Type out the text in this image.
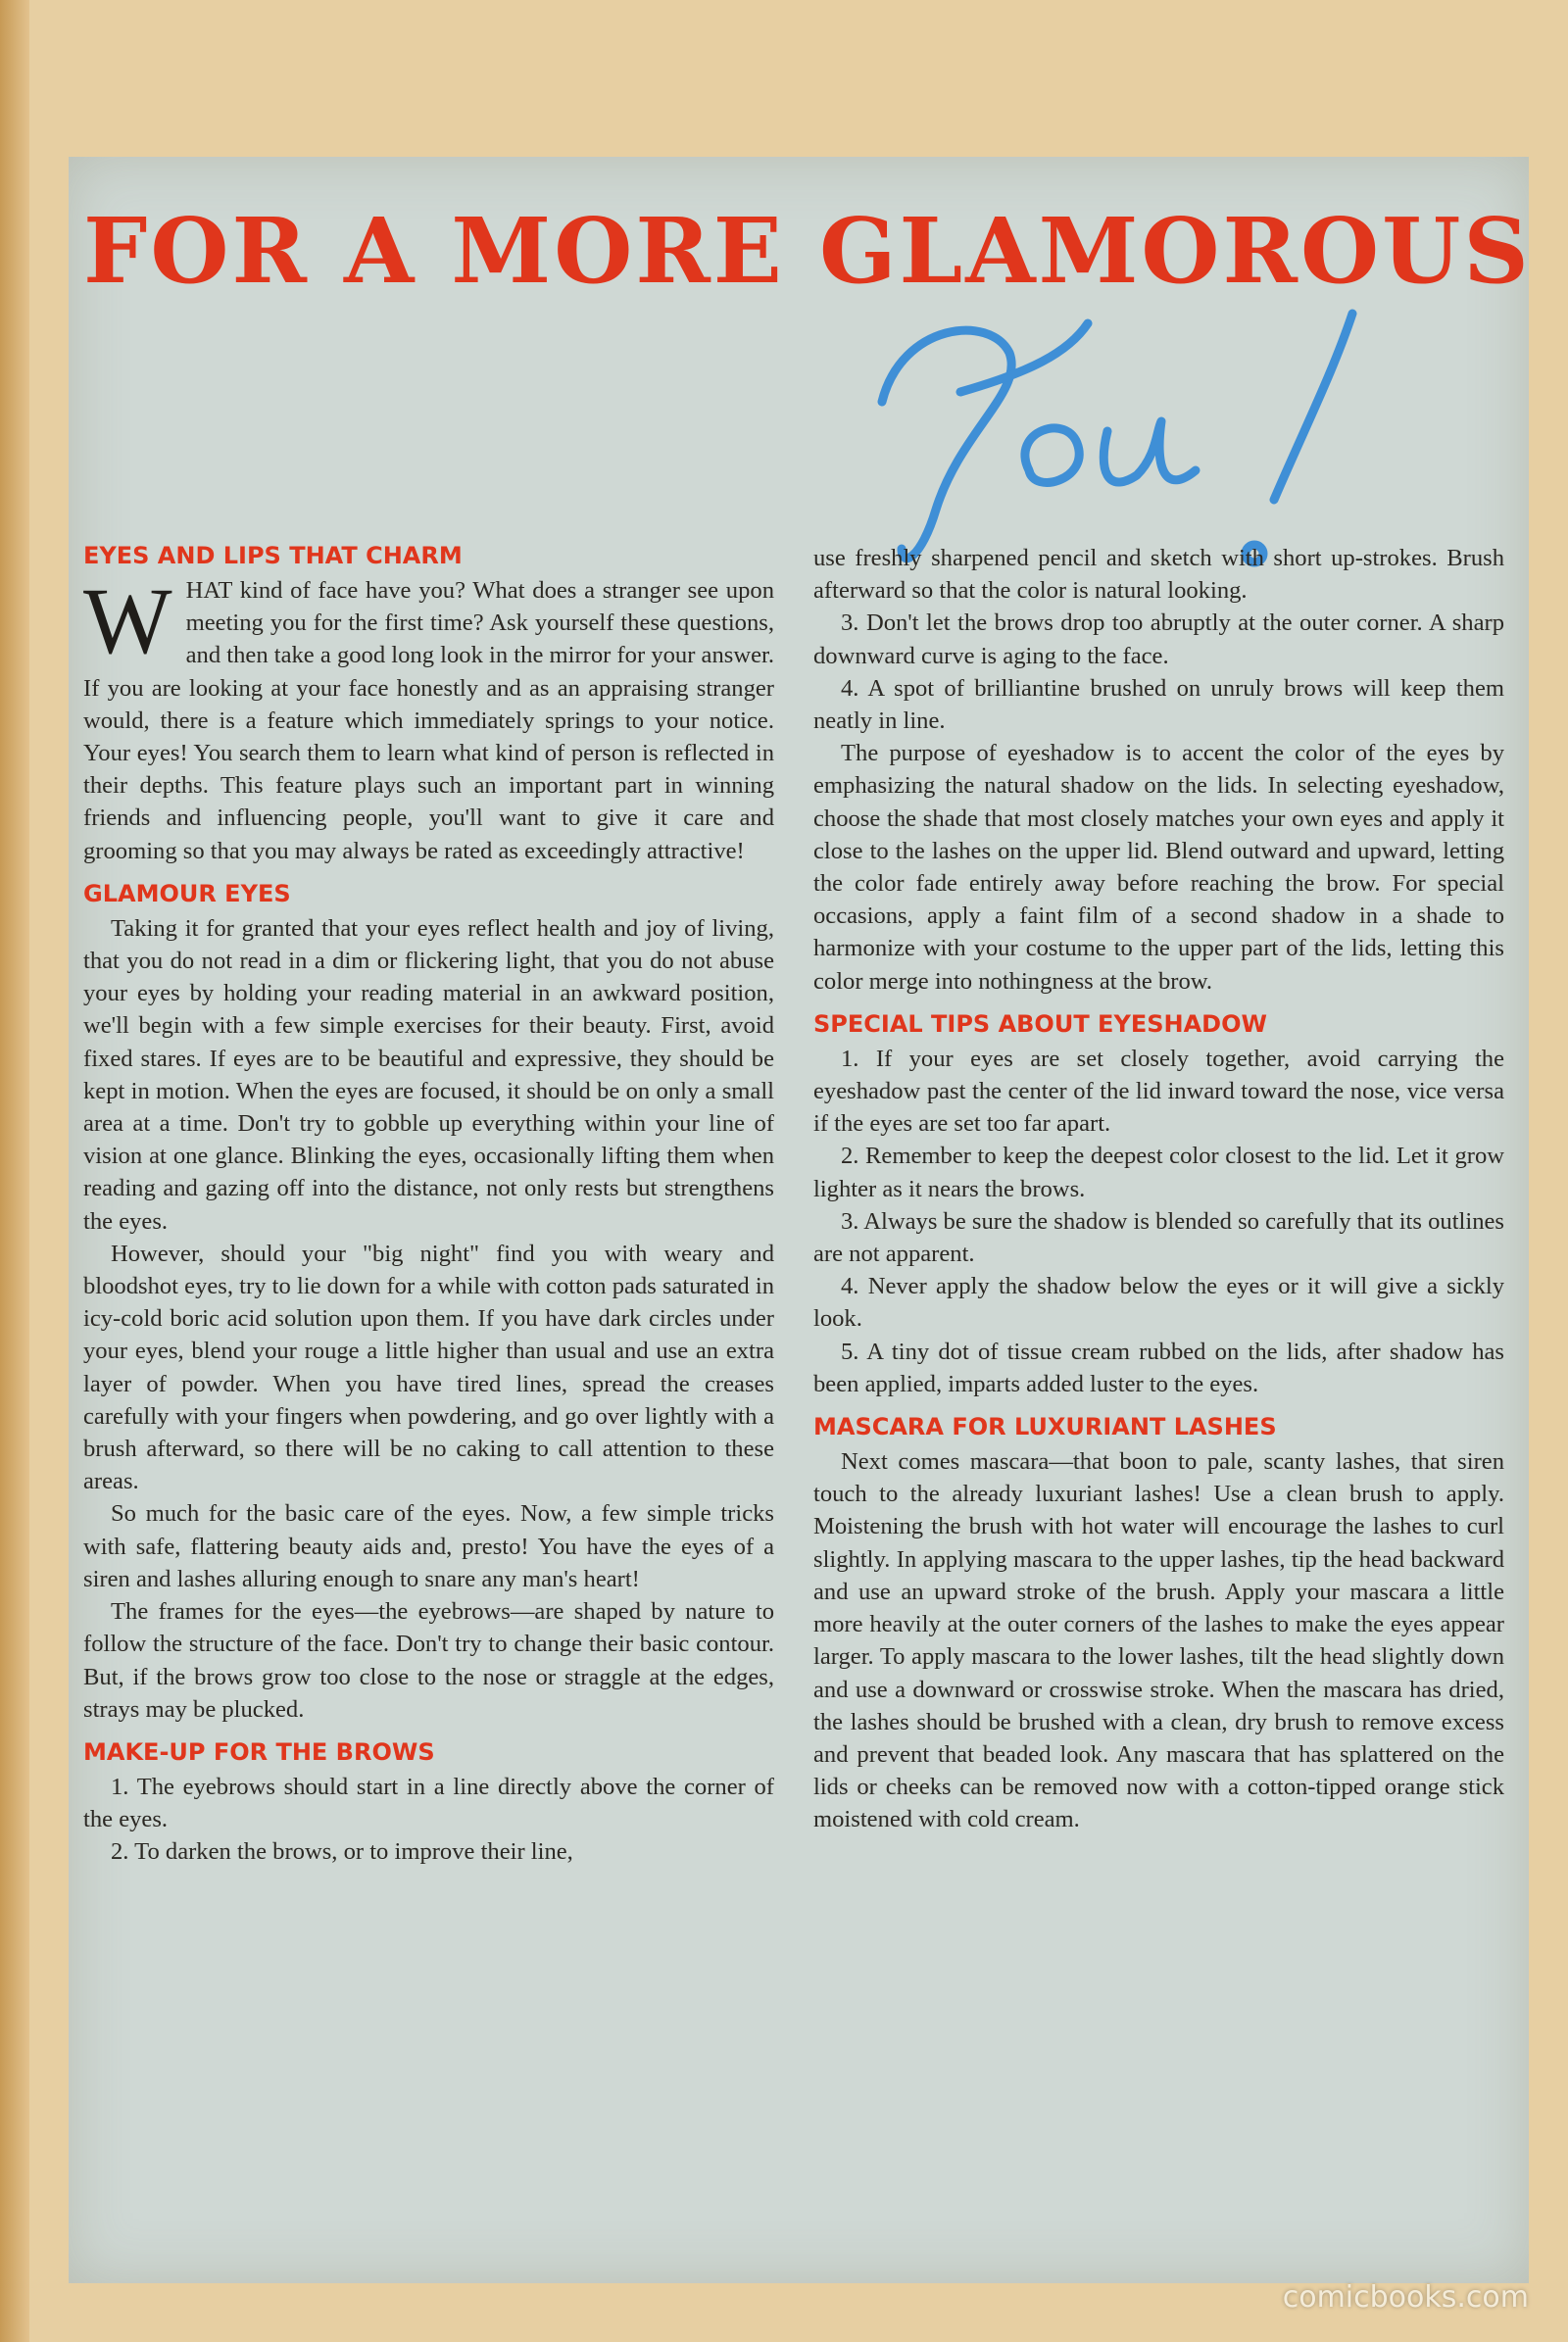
FOR A MORE GLAMOROUS
EYES AND LIPS THAT CHARM

WHAT kind of face have you? What does a stranger see upon meeting you for the first time? Ask yourself these questions, and then take a good long look in the mirror for your answer. If you are looking at your face honestly and as an appraising stranger would, there is a feature which immediately springs to your notice. Your eyes! You search them to learn what kind of person is reflected in their depths. This feature plays such an important part in winning friends and influencing people, you'll want to give it care and grooming so that you may always be rated as exceedingly attractive!

GLAMOUR EYES

Taking it for granted that your eyes reflect health and joy of living, that you do not read in a dim or flickering light, that you do not abuse your eyes by holding your reading material in an awkward position, we'll begin with a few simple exercises for their beauty. First, avoid fixed stares. If eyes are to be beautiful and expressive, they should be kept in motion. When the eyes are focused, it should be on only a small area at a time. Don't try to gobble up everything within your line of vision at one glance. Blinking the eyes, occasionally lifting them when reading and gazing off into the distance, not only rests but strengthens the eyes.

However, should your "big night" find you with weary and bloodshot eyes, try to lie down for a while with cotton pads saturated in icy-cold boric acid solution upon them. If you have dark circles under your eyes, blend your rouge a little higher than usual and use an extra layer of powder. When you have tired lines, spread the creases carefully with your fingers when powdering, and go over lightly with a brush afterward, so there will be no caking to call attention to these areas.

So much for the basic care of the eyes. Now, a few simple tricks with safe, flattering beauty aids and, presto! You have the eyes of a siren and lashes alluring enough to snare any man's heart!

The frames for the eyes—the eyebrows—are shaped by nature to follow the structure of the face. Don't try to change their basic contour. But, if the brows grow too close to the nose or straggle at the edges, strays may be plucked.

MAKE-UP FOR THE BROWS

1. The eyebrows should start in a line directly above the corner of the eyes.

2. To darken the brows, or to improve their line,

use freshly sharpened pencil and sketch with short up-strokes. Brush afterward so that the color is natural looking.

3. Don't let the brows drop too abruptly at the outer corner. A sharp downward curve is aging to the face.

4. A spot of brilliantine brushed on unruly brows will keep them neatly in line.

The purpose of eyeshadow is to accent the color of the eyes by emphasizing the natural shadow on the lids. In selecting eyeshadow, choose the shade that most closely matches your own eyes and apply it close to the lashes on the upper lid. Blend outward and upward, letting the color fade entirely away before reaching the brow. For special occasions, apply a faint film of a second shadow in a shade to harmonize with your costume to the upper part of the lids, letting this color merge into nothingness at the brow.

SPECIAL TIPS ABOUT EYESHADOW

1. If your eyes are set closely together, avoid carrying the eyeshadow past the center of the lid inward toward the nose, vice versa if the eyes are set too far apart.

2. Remember to keep the deepest color closest to the lid. Let it grow lighter as it nears the brows.

3. Always be sure the shadow is blended so carefully that its outlines are not apparent.

4. Never apply the shadow below the eyes or it will give a sickly look.

5. A tiny dot of tissue cream rubbed on the lids, after shadow has been applied, imparts added luster to the eyes.

MASCARA FOR LUXURIANT LASHES

Next comes mascara—that boon to pale, scanty lashes, that siren touch to the already luxuriant lashes! Use a clean brush to apply. Moistening the brush with hot water will encourage the lashes to curl slightly. In applying mascara to the upper lashes, tip the head backward and use an upward stroke of the brush. Apply your mascara a little more heavily at the outer corners of the lashes to make the eyes appear larger. To apply mascara to the lower lashes, tilt the head slightly down and use a downward or crosswise stroke. When the mascara has dried, the lashes should be brushed with a clean, dry brush to remove excess and prevent that beaded look. Any mascara that has splattered on the lids or cheeks can be removed now with a cotton-tipped orange stick moistened with cold cream.

comicbooks.com
